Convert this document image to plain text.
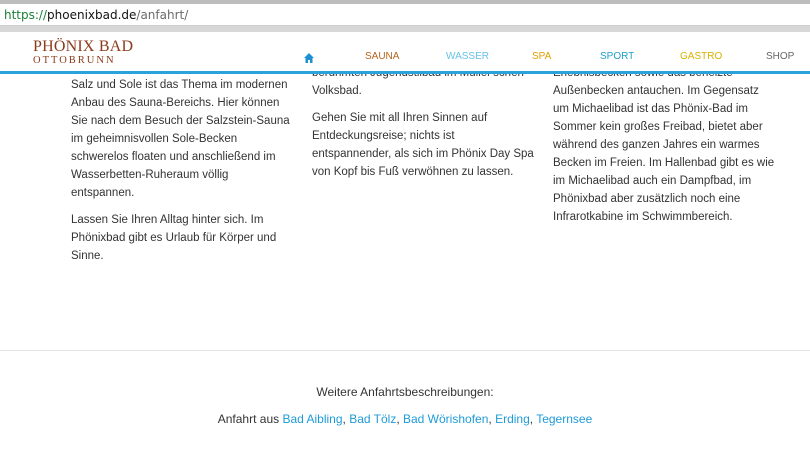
https://phoenixbad.de/anfahrt/
PHÖNIX BAD
OTTOBRUNN	SAUNA	WASSER	SPA	SPORT	GASTRO	SHOP

Salz und Sole ist das Thema im modernen
Anbau des Sauna-Bereichs. Hier können
Sie nach dem Besuch der Salzstein-Sauna
im geheimnisvollen Sole-Becken
schwerelos floaten und anschließend im
Wasserbetten-Ruheraum völlig
entspannen.

Lassen Sie Ihren Alltag hinter sich. Im
Phönixbad gibt es Urlaub für Körper und
Sinne.

Volksbad.

Gehen Sie mit all Ihren Sinnen auf
Entdeckungsreise; nichts ist
entspannender, als sich im Phönix Day Spa
von Kopf bis Fuß verwöhnen zu lassen.

Außenbecken antauchen. Im Gegensatz
um Michaelibad ist das Phönix-Bad im
Sommer kein großes Freibad, bietet aber
während des ganzen Jahres ein warmes
Becken im Freien. Im Hallenbad gibt es wie
im Michaelibad auch ein Dampfbad, im
Phönixbad aber zusätzlich noch eine
Infrarotkabine im Schwimmbereich.

Weitere Anfahrtsbeschreibungen:
Anfahrt aus Bad Aibling, Bad Tölz, Bad Wörishofen, Erding, Tegernsee
